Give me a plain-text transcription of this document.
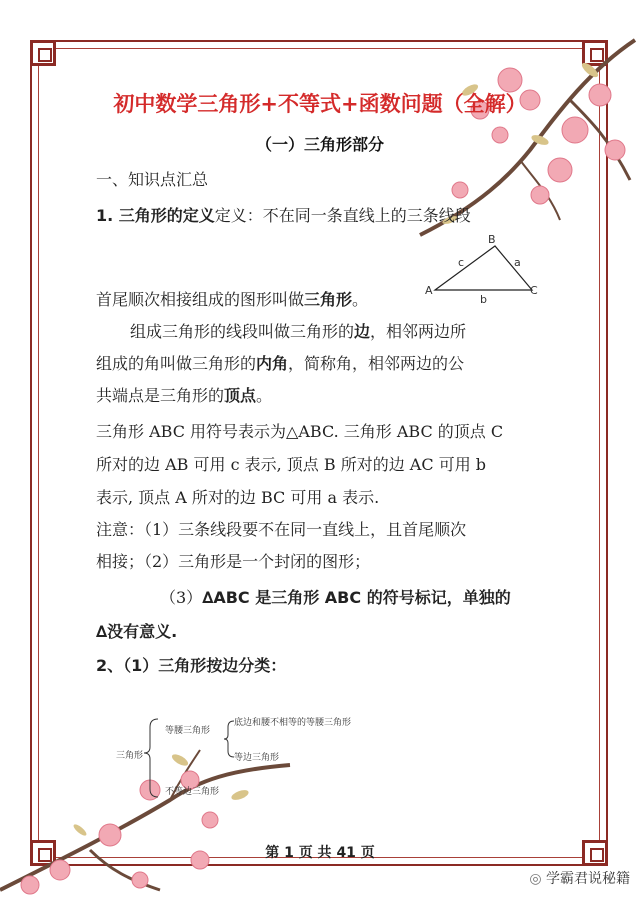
初中数学三角形+不等式+函数问题（全解）
（一）三角形部分
一、知识点汇总
1. 三角形的定义定义：不在同一条直线上的三条线段
B
c	a
A	C
b
首尾顺次相接组成的图形叫做三角形。
组成三角形的线段叫做三角形的边，相邻两边所
组成的角叫做三角形的内角，简称角，相邻两边的公
共端点是三角形的顶点。
三角形 ABC 用符号表示为△ABC. 三角形 ABC 的顶点 C
所对的边 AB 可用 c 表示, 顶点 B 所对的边 AC 可用 b
表示, 顶点 A 所对的边 BC 可用 a 表示.
注意：（1）三条线段要不在同一直线上，且首尾顺次
相接；（2）三角形是一个封闭的图形；
（3）∆ABC 是三角形 ABC 的符号标记，单独的
∆没有意义.
2、（1）三角形按边分类：
三角形
等腰三角形
底边和腰不相等的等腰三角形
等边三角形
不等边三角形
第 1 页 共 41 页
◎ 学霸君说秘籍
